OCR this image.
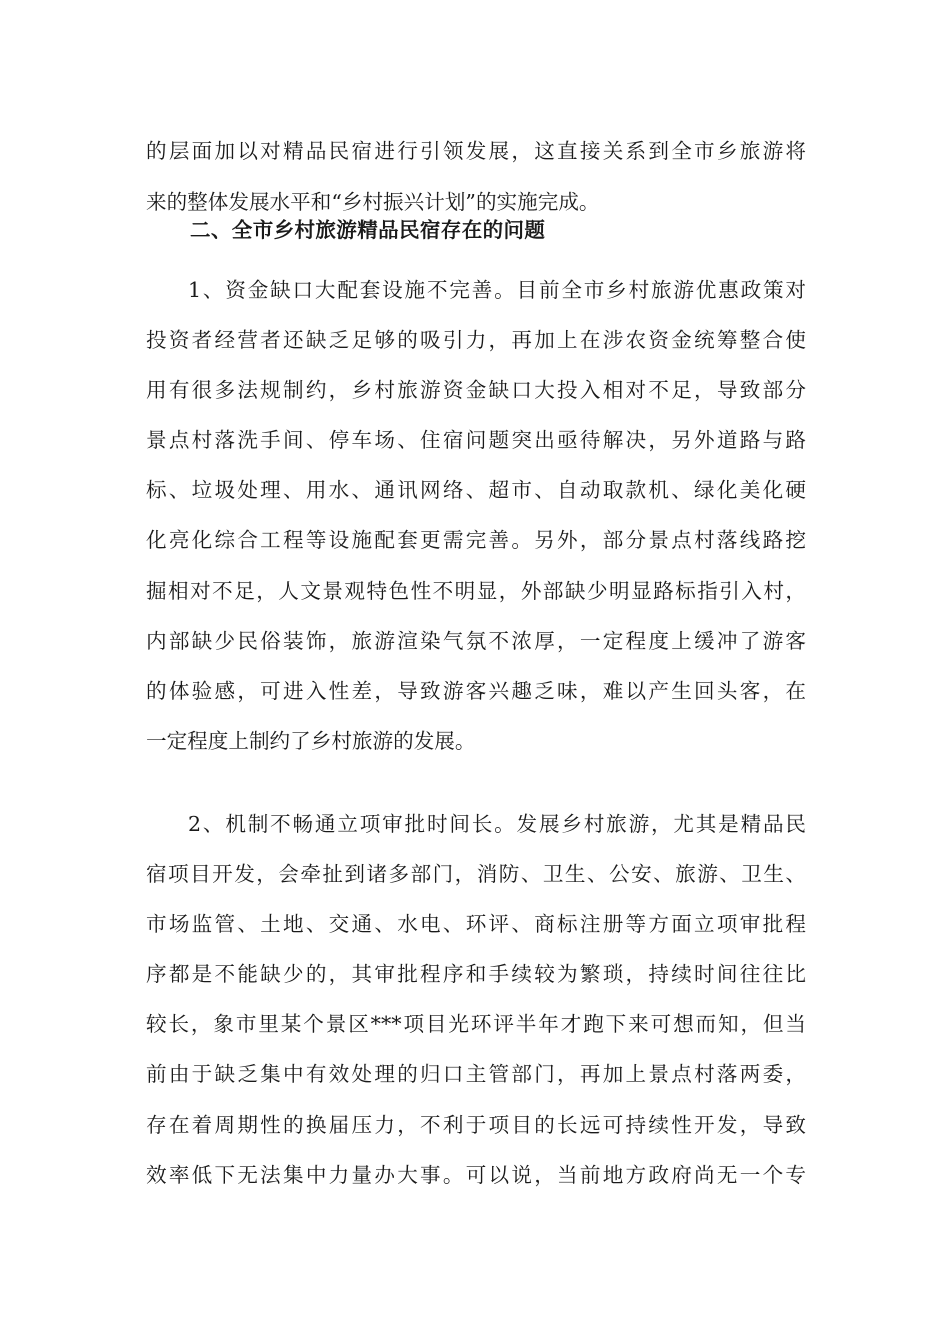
的层面加以对精品民宿进行引领发展，这直接关系到全市乡旅游将
来的整体发展水平和“乡村振兴计划”的实施完成。
二、全市乡村旅游精品民宿存在的问题
1、资金缺口大配套设施不完善。目前全市乡村旅游优惠政策对
投资者经营者还缺乏足够的吸引力，再加上在涉农资金统筹整合使
用有很多法规制约，乡村旅游资金缺口大投入相对不足，导致部分
景点村落洗手间、停车场、住宿问题突出亟待解决，另外道路与路
标、垃圾处理、用水、通讯网络、超市、自动取款机、绿化美化硬
化亮化综合工程等设施配套更需完善。另外，部分景点村落线路挖
掘相对不足，人文景观特色性不明显，外部缺少明显路标指引入村，
内部缺少民俗装饰，旅游渲染气氛不浓厚，一定程度上缓冲了游客
的体验感，可进入性差，导致游客兴趣乏味，难以产生回头客，在
一定程度上制约了乡村旅游的发展。
2、机制不畅通立项审批时间长。发展乡村旅游，尤其是精品民
宿项目开发，会牵扯到诸多部门，消防、卫生、公安、旅游、卫生、
市场监管、土地、交通、水电、环评、商标注册等方面立项审批程
序都是不能缺少的，其审批程序和手续较为繁琐，持续时间往往比
较长，象市里某个景区***项目光环评半年才跑下来可想而知，但当
前由于缺乏集中有效处理的归口主管部门，再加上景点村落两委，
存在着周期性的换届压力，不利于项目的长远可持续性开发，导致
效率低下无法集中力量办大事。可以说，当前地方政府尚无一个专
